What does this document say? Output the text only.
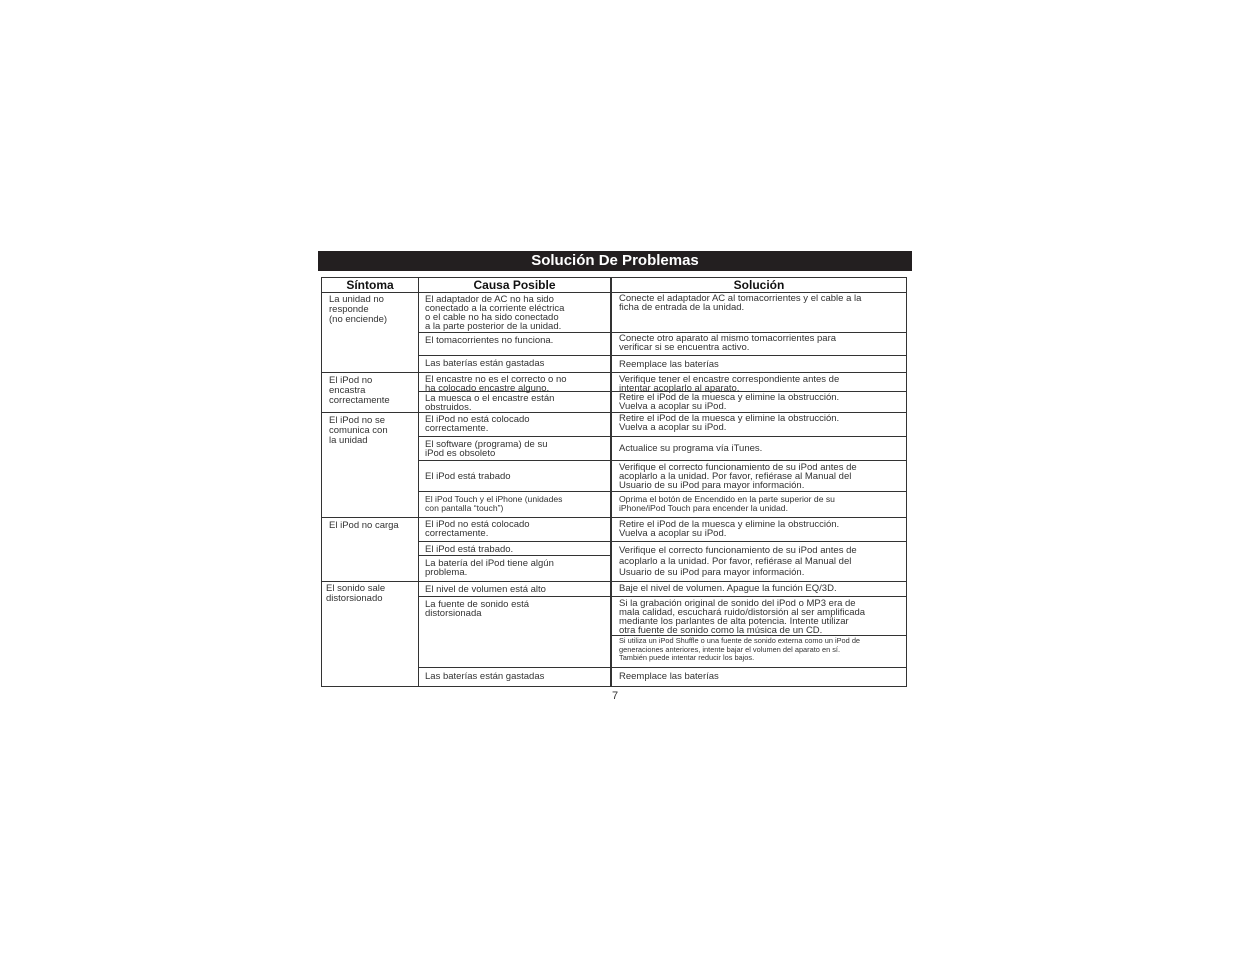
Solución De Problemas
Síntoma	Causa Posible	Solución
La unidad no
responde
(no enciende)
El iPod no
encastra
correctamente
El iPod no se
comunica con
la unidad
El iPod no carga
El sonido sale
distorsionado
El adaptador de AC no ha sido
conectado a la corriente eléctrica
o el cable no ha sido conectado
a la parte posterior de la unidad.
El tomacorrientes no funciona.
Las baterías están gastadas
El encastre no es el correcto o no
ha colocado encastre alguno.
La muesca o el encastre están
obstruidos.
El iPod no está colocado
correctamente.
El software (programa) de su
iPod es obsoleto
El iPod está trabado
El iPod Touch y el iPhone (unidades
con pantalla “touch”)
El iPod no está colocado
correctamente.
El iPod está trabado.
La batería del iPod tiene algún
problema.
El nivel de volumen está alto
La fuente de sonido está
distorsionada
Las baterías están gastadas
Conecte el adaptador AC al tomacorrientes y el cable a la
ficha de entrada de la unidad.
Conecte otro aparato al mismo tomacorrientes para
verificar si se encuentra activo.
Reemplace las baterías
Verifique tener el encastre correspondiente antes de
intentar acoplarlo al aparato.
Retire el iPod de la muesca y elimine la obstrucción.
Vuelva a acoplar su iPod.
Retire el iPod de la muesca y elimine la obstrucción.
Vuelva a acoplar su iPod.
Actualice su programa vía iTunes.
Verifique el correcto funcionamiento de su iPod antes de
acoplarlo a la unidad. Por favor, refiérase al Manual del
Usuario de su iPod para mayor información.
Oprima el botón de Encendido en la parte superior de su
iPhone/iPod Touch para encender la unidad.
Retire el iPod de la muesca y elimine la obstrucción.
Vuelva a acoplar su iPod.
Verifique el correcto funcionamiento de su iPod antes de
acoplarlo a la unidad. Por favor, refiérase al Manual del
Usuario de su iPod para mayor información.
Baje el nivel de volumen. Apague la función EQ/3D.
Si la grabación original de sonido del iPod o MP3 era de
mala calidad, escuchará ruido/distorsión al ser amplificada
mediante los parlantes de alta potencia. Intente utilizar
otra fuente de sonido como la música de un CD.
Si utiliza un iPod Shuffle o una fuente de sonido externa como un iPod de
generaciones anteriores, intente bajar el volumen del aparato en sí.
También puede intentar reducir los bajos.
Reemplace las baterías
7
